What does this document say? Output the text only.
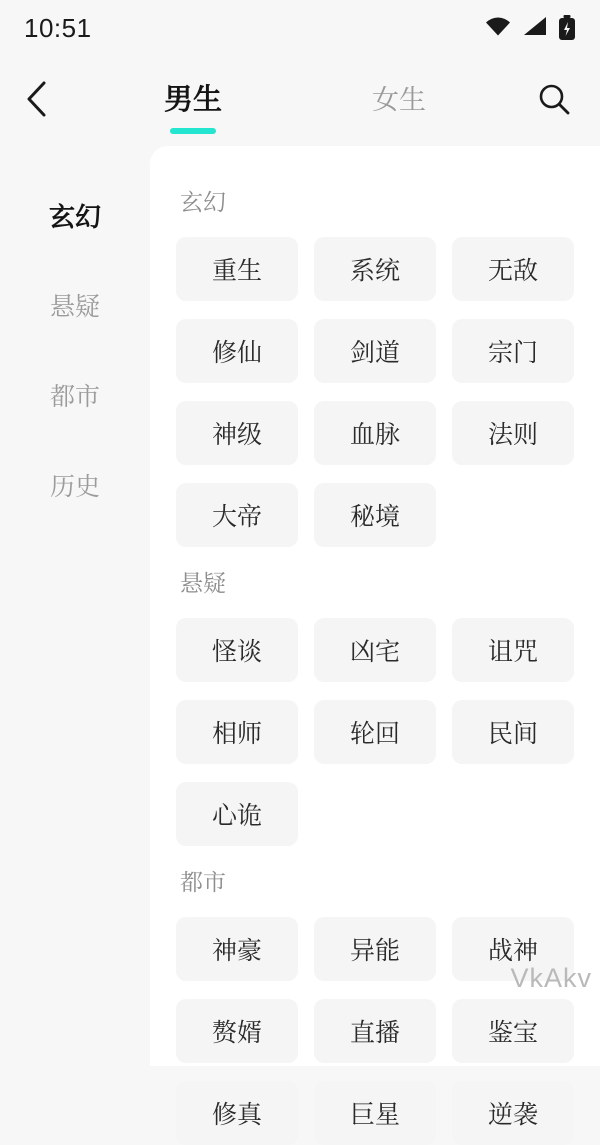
10:51
男生	女生
玄幻
悬疑
都市
历史
玄幻
重生	系统	无敌
修仙	剑道	宗门
神级	血脉	法则
大帝	秘境
悬疑
怪谈	凶宅	诅咒
相师	轮回	民间
心诡
都市
神豪	异能	战神
赘婿	直播	鉴宝
修真	巨星	逆袭
VkAkv
